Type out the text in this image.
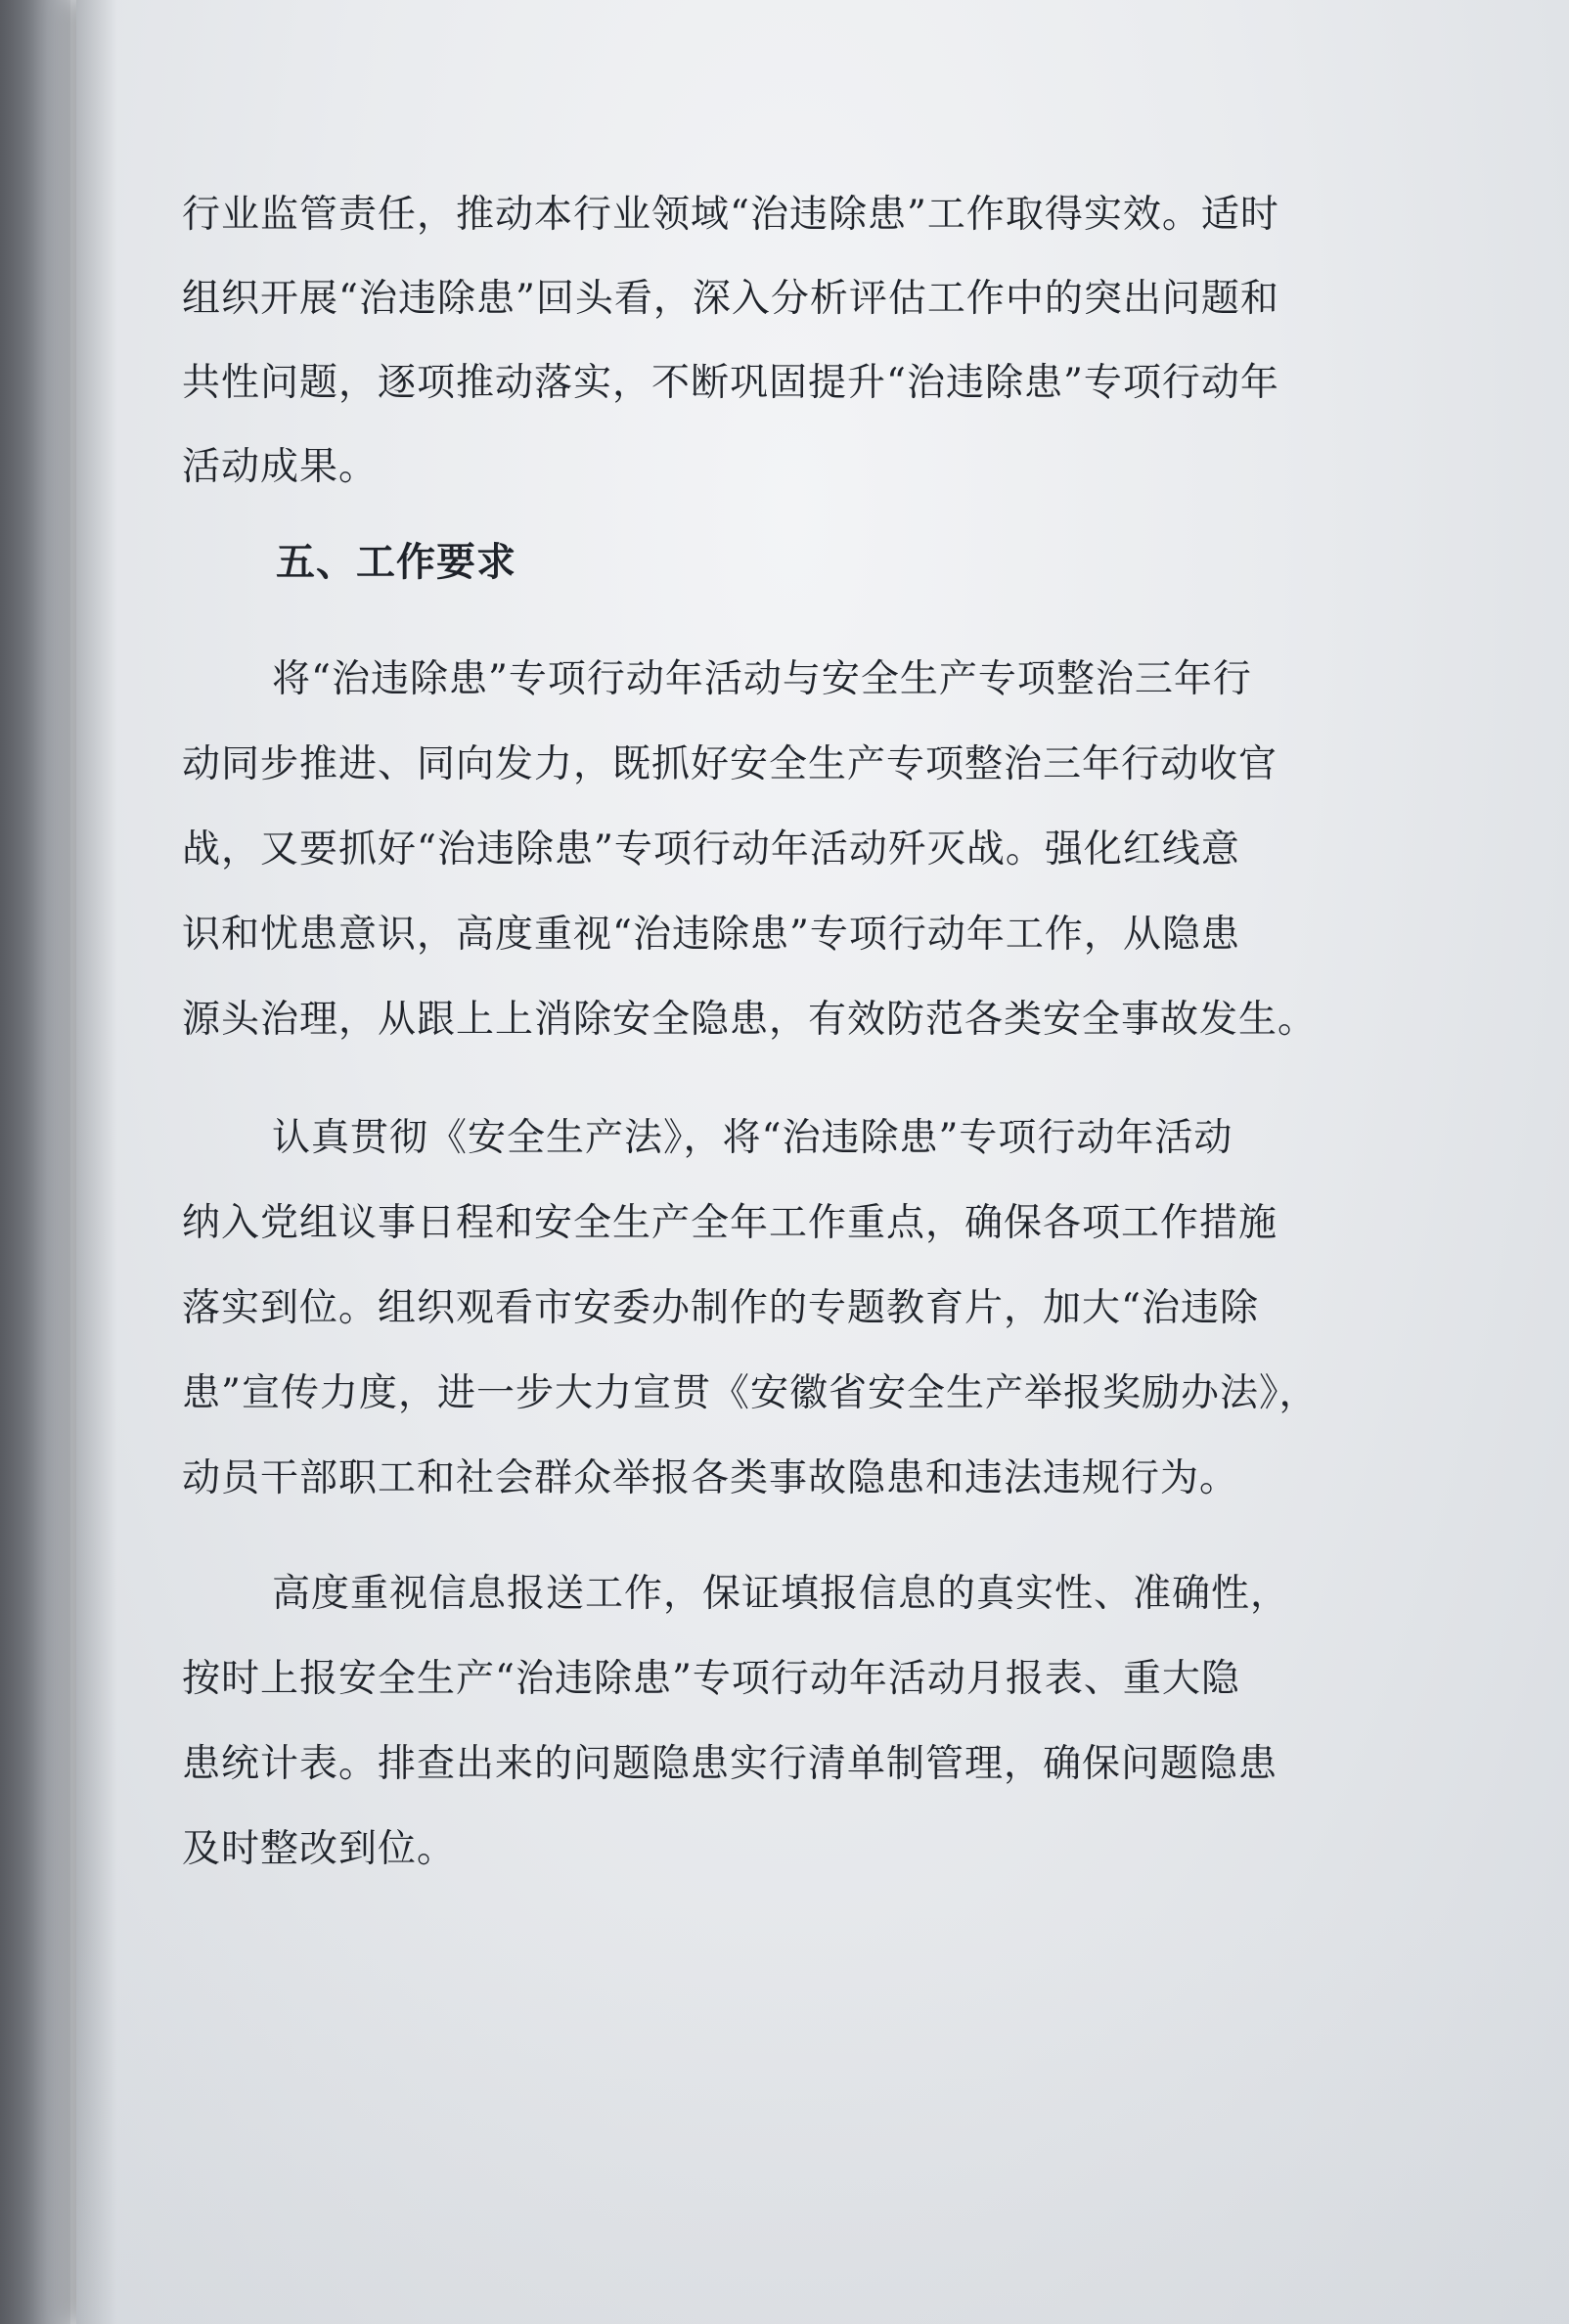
行业监管责任，推动本行业领域“治违除患”工作取得实效。适时
组织开展“治违除患”回头看，深入分析评估工作中的突出问题和
共性问题，逐项推动落实，不断巩固提升“治违除患”专项行动年
活动成果。
五、工作要求
将“治违除患”专项行动年活动与安全生产专项整治三年行
动同步推进、同向发力，既抓好安全生产专项整治三年行动收官
战，又要抓好“治违除患”专项行动年活动歼灭战。强化红线意
识和忧患意识，高度重视“治违除患”专项行动年工作，从隐患
源头治理，从跟上上消除安全隐患，有效防范各类安全事故发生。
认真贯彻《安全生产法》，将“治违除患”专项行动年活动
纳入党组议事日程和安全生产全年工作重点，确保各项工作措施
落实到位。组织观看市安委办制作的专题教育片，加大“治违除
患”宣传力度，进一步大力宣贯《安徽省安全生产举报奖励办法》，
动员干部职工和社会群众举报各类事故隐患和违法违规行为。
高度重视信息报送工作，保证填报信息的真实性、准确性，
按时上报安全生产“治违除患”专项行动年活动月报表、重大隐
患统计表。排查出来的问题隐患实行清单制管理，确保问题隐患
及时整改到位。
